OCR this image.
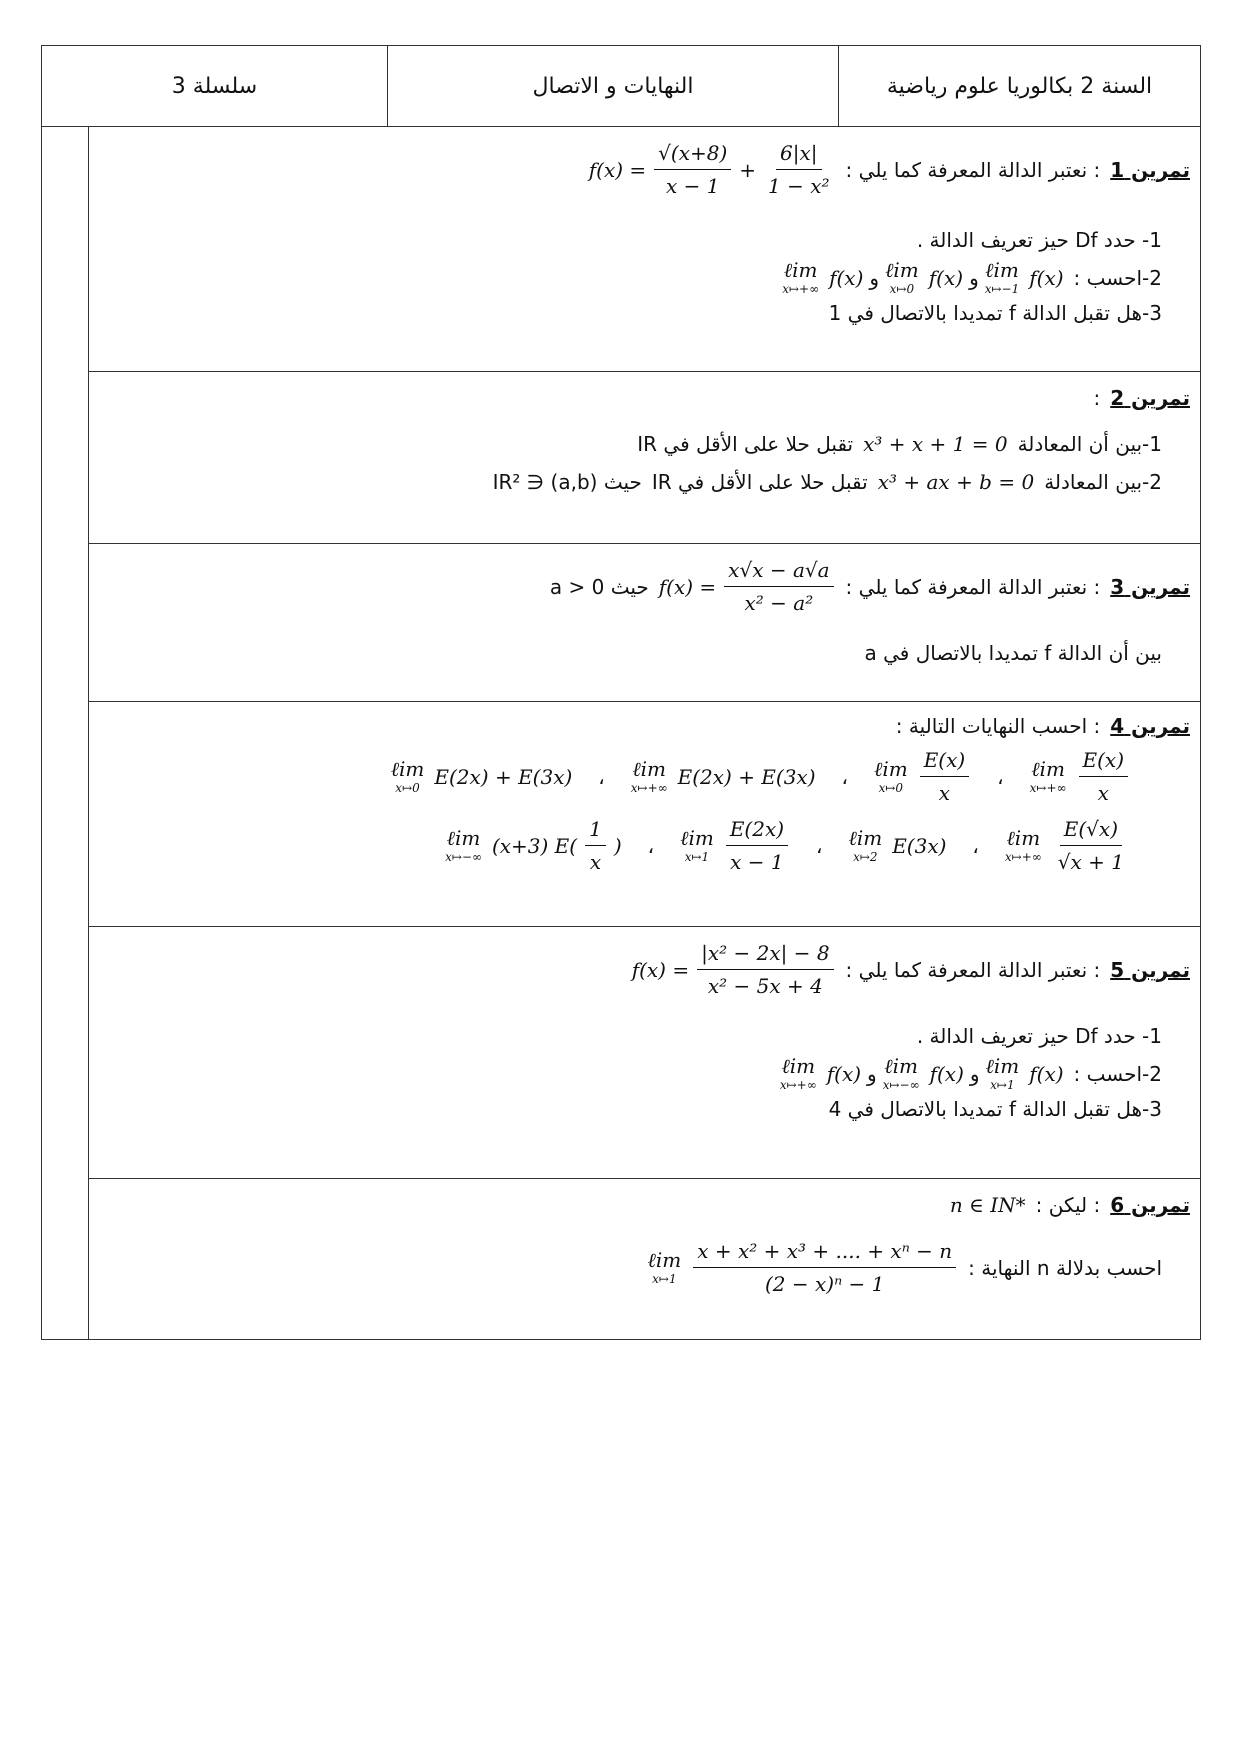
سلسلة 3	النهايات و الاتصال	السنة 2 بكالوريا علوم رياضية
تمرين 1
: نعتبر الدالة المعرفة كما يلي :
$f(x) = \frac{√(x+8)}{x - 1} + \frac{6|x|}{\text{1 − x²}}$
1- حدد Df حيز تعريف الدالة .
2-احسب :
ℓim
x↦+∞ f(x) و ℓim
x↦0 f(x) و ℓim
x↦−1 f(x)
3-هل تقبل الدالة f تمديدا بالاتصال في 1
تمرين 2
:
1-بين أن المعادلة
x³ + x + 1 = 0
تقبل حلا على الأقل في IR
2-بين المعادلة
x³ + ax + b = 0
تقبل حلا على الأقل في IR
حيث (a,b) ∈ IR²
تمرين 3
: نعتبر الدالة المعرفة كما يلي :
$f(x) = \frac{x√x - a√a}{\text{x² − a²}}$
حيث a > 0
بين أن الدالة f تمديدا بالاتصال في a
تمرين 4
: احسب النهايات التالية :
ℓim
x↦+∞ $\frac{E(x)}{x}$
،
ℓim
x↦0 $\frac{E(x)}{x}$
،
ℓim
x↦+∞ E(2x) + E(3x)
،
ℓim
x↦0 E(2x) + E(3x)
ℓim
x↦+∞ $\frac{E(√x)}{√x + 1}$
،
ℓim
x↦2 E(3x)
،
ℓim
x↦1 $\frac{E(2x)}{x - 1}$
،
ℓim
x↦−∞ (x+3) $E( \frac{1}{x}$ )
تمرين 5
: نعتبر الدالة المعرفة كما يلي :
$f(x) = \frac{\text{|x² − 2x| − 8}}{\text{x² − 5x + 4}}$
1- حدد Df حيز تعريف الدالة .
2-احسب :
ℓim
x↦+∞ f(x) و ℓim
x↦−∞ f(x) و ℓim
x↦1 f(x)
3-هل تقبل الدالة f تمديدا بالاتصال في 4
تمرين 6
: ليكن :
n ∈ IN*
احسب بدلالة n النهاية :
ℓim
x↦1 $\frac{\text{x + x² + x³ + .... + xⁿ − n}}{\text{(2 − x)ⁿ − 1}}$
